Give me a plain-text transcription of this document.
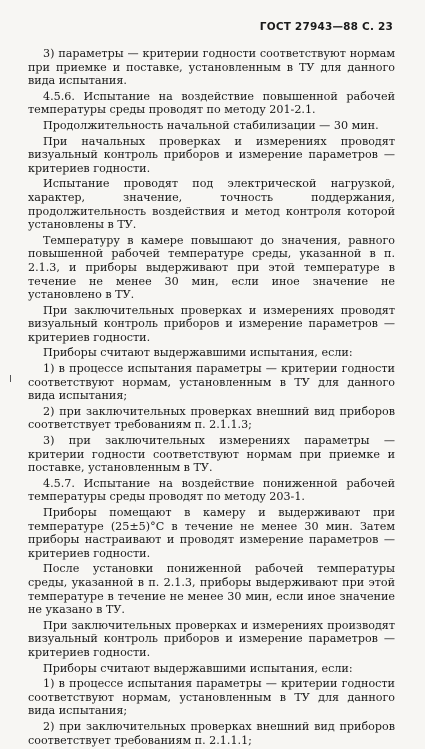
ГОСТ 27943—88 С. 23

3) параметры — критерии годности соответствуют нормам при приемке и поставке, установленным в ТУ для данного вида испытания.

4.5.6. Испытание на воздействие повышенной рабочей температуры среды проводят по методу 201-2.1.

Продолжительность начальной стабилизации — 30 мин.

При начальных проверках и измерениях проводят визуальный контроль приборов и измерение параметров — критериев годности.

Испытание проводят под электрической нагрузкой, характер, значение, точность поддержания, продолжительность воздействия и метод контроля которой установлены в ТУ.

Температуру в камере повышают до значения, равного повышенной рабочей температуре среды, указанной в п. 2.1.3, и приборы выдерживают при этой температуре в течение не менее 30 мин, если иное значение не установлено в ТУ.

При заключительных проверках и измерениях проводят визуальный контроль приборов и измерение параметров — критериев годности.

Приборы считают выдержавшими испытания, если:

1) в процессе испытания параметры — критерии годности соответствуют нормам, установленным в ТУ для данного вида испытания;

2) при заключительных проверках внешний вид приборов соответствует требованиям п. 2.1.1.3;

3) при заключительных измерениях параметры — критерии годности соответствуют нормам при приемке и поставке, установленным в ТУ.

4.5.7. Испытание на воздействие пониженной рабочей температуры среды проводят по методу 203-1.

Приборы помещают в камеру и выдерживают при температуре (25±5)°С в течение не менее 30 мин. Затем приборы настраивают и проводят измерение параметров — критериев годности.

После установки пониженной рабочей температуры среды, указанной в п. 2.1.3, приборы выдерживают при этой температуре в течение не менее 30 мин, если иное значение не указано в ТУ.

При заключительных проверках и измерениях производят визуальный контроль приборов и измерение параметров — критериев годности.

Приборы считают выдержавшими испытания, если:

1) в процессе испытания параметры — критерии годности соответствуют нормам, установленным в ТУ для данного вида испытания;

2) при заключительных проверках внешний вид приборов соответствует требованиям п. 2.1.1.1;
